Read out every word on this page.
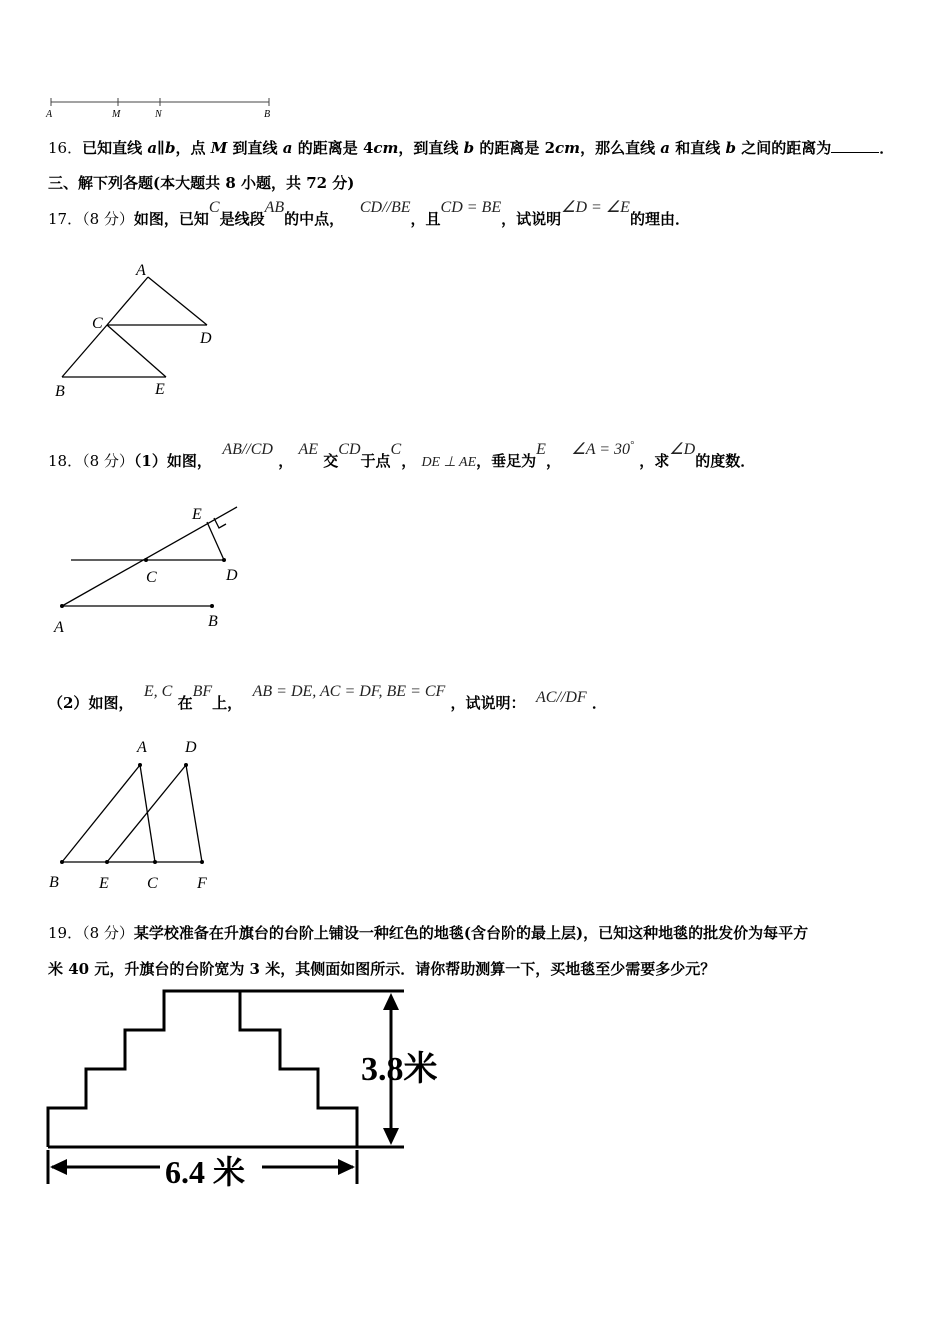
A	M	N	B
16．已知直线 a∥b，点 M 到直线 a 的距离是 4cm，到直线 b 的距离是 2cm，那么直线 a 和直线 b 之间的距离为	．
三、解下列各题(本大题共 8 小题，共 72 分)
17．（8 分）如图，已知C是线段AB的中点，   CD//BE，且CD = BE，试说明∠D = ∠E的理由．
A
C
D
B	E
18．（8 分）（1）如图，  AB//CD ， AE 交CD于点C， DE ⊥ AE，垂足为E，  ∠A = 30° ，求∠D的度数．
E
C	D
A	B
（2）如图，  E, C 在BF上，  AB = DE, AC = DF, BE = CF ，试说明： AC//DF ．
A D
B	E C F
19．（8 分）某学校准备在升旗台的台阶上铺设一种红色的地毯(含台阶的最上层)，已知这种地毯的批发价为每平方
米 40 元，升旗台的台阶宽为 3 米，其侧面如图所示．请你帮助测算一下，买地毯至少需要多少元？
3.8米
6.4 米
